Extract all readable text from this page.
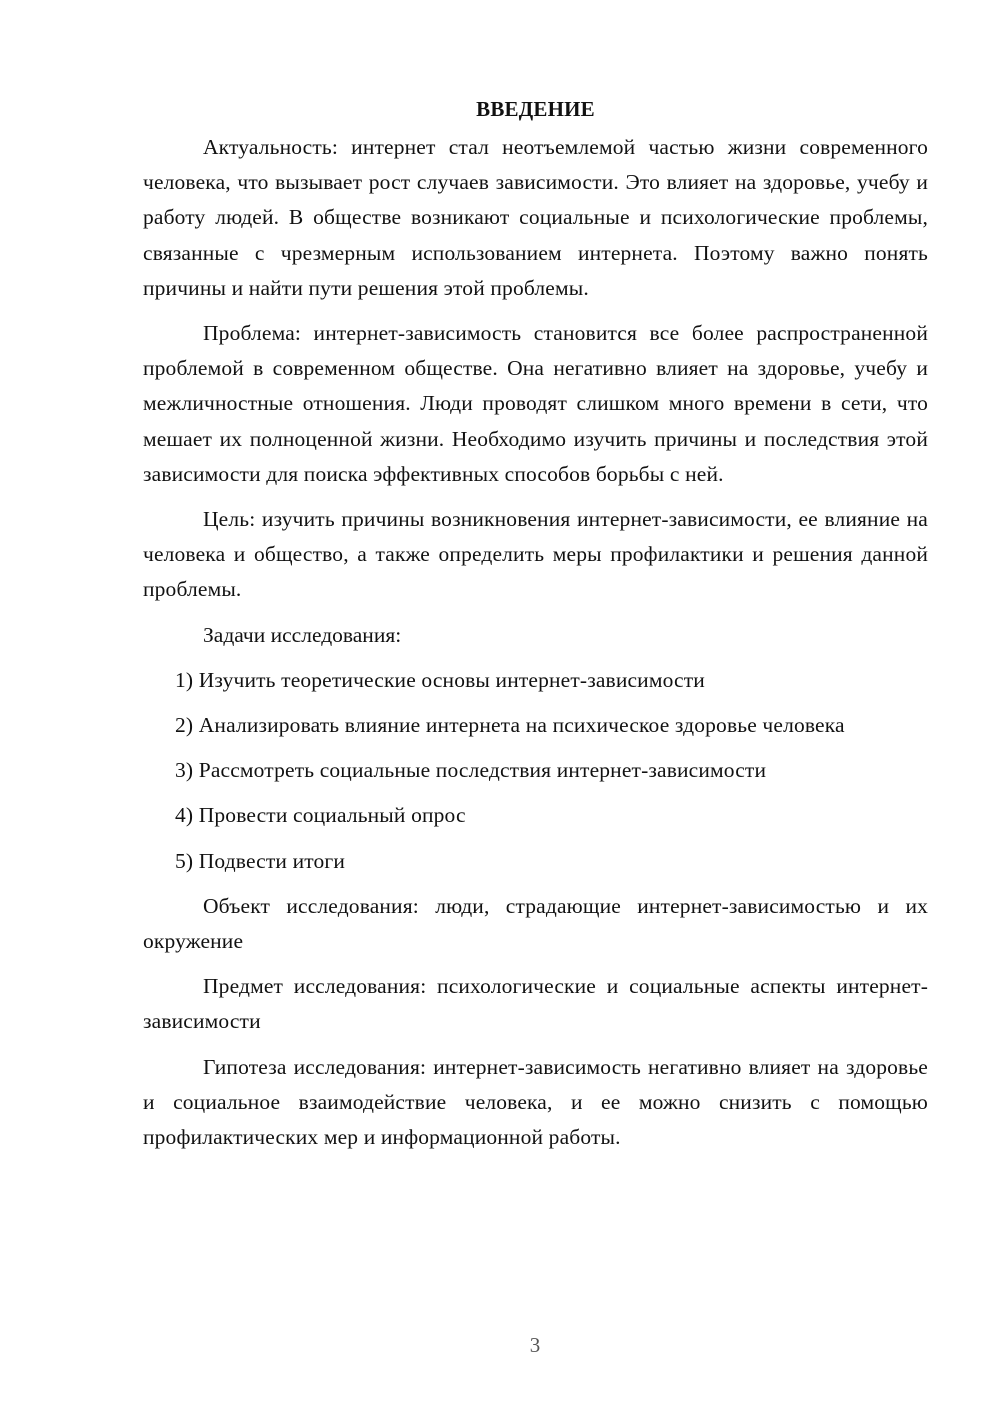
ВВЕДЕНИЕ

Актуальность: интернет стал неотъемлемой частью жизни современного человека, что вызывает рост случаев зависимости. Это влияет на здоровье, учебу и работу людей. В обществе возникают социальные и психологические проблемы, связанные с чрезмерным использованием интернета. Поэтому важно понять причины и найти пути решения этой проблемы.

Проблема: интернет-зависимость становится все более распространенной проблемой в современном обществе. Она негативно влияет на здоровье, учебу и межличностные отношения. Люди проводят слишком много времени в сети, что мешает их полноценной жизни. Необходимо изучить причины и последствия этой зависимости для поиска эффективных способов борьбы с ней.

Цель: изучить причины возникновения интернет-зависимости, ее влияние на человека и общество, а также определить меры профилактики и решения данной проблемы.

Задачи исследования:

1) Изучить теоретические основы интернет-зависимости

2) Анализировать влияние интернета на психическое здоровье человека

3) Рассмотреть социальные последствия интернет-зависимости

4) Провести социальный опрос

5) Подвести итоги

Объект исследования: люди, страдающие интернет-зависимостью и их окружение

Предмет исследования: психологические и социальные аспекты интернет-зависимости

Гипотеза исследования: интернет-зависимость негативно влияет на здоровье и социальное взаимодействие человека, и ее можно снизить с помощью профилактических мер и информационной работы.

3
